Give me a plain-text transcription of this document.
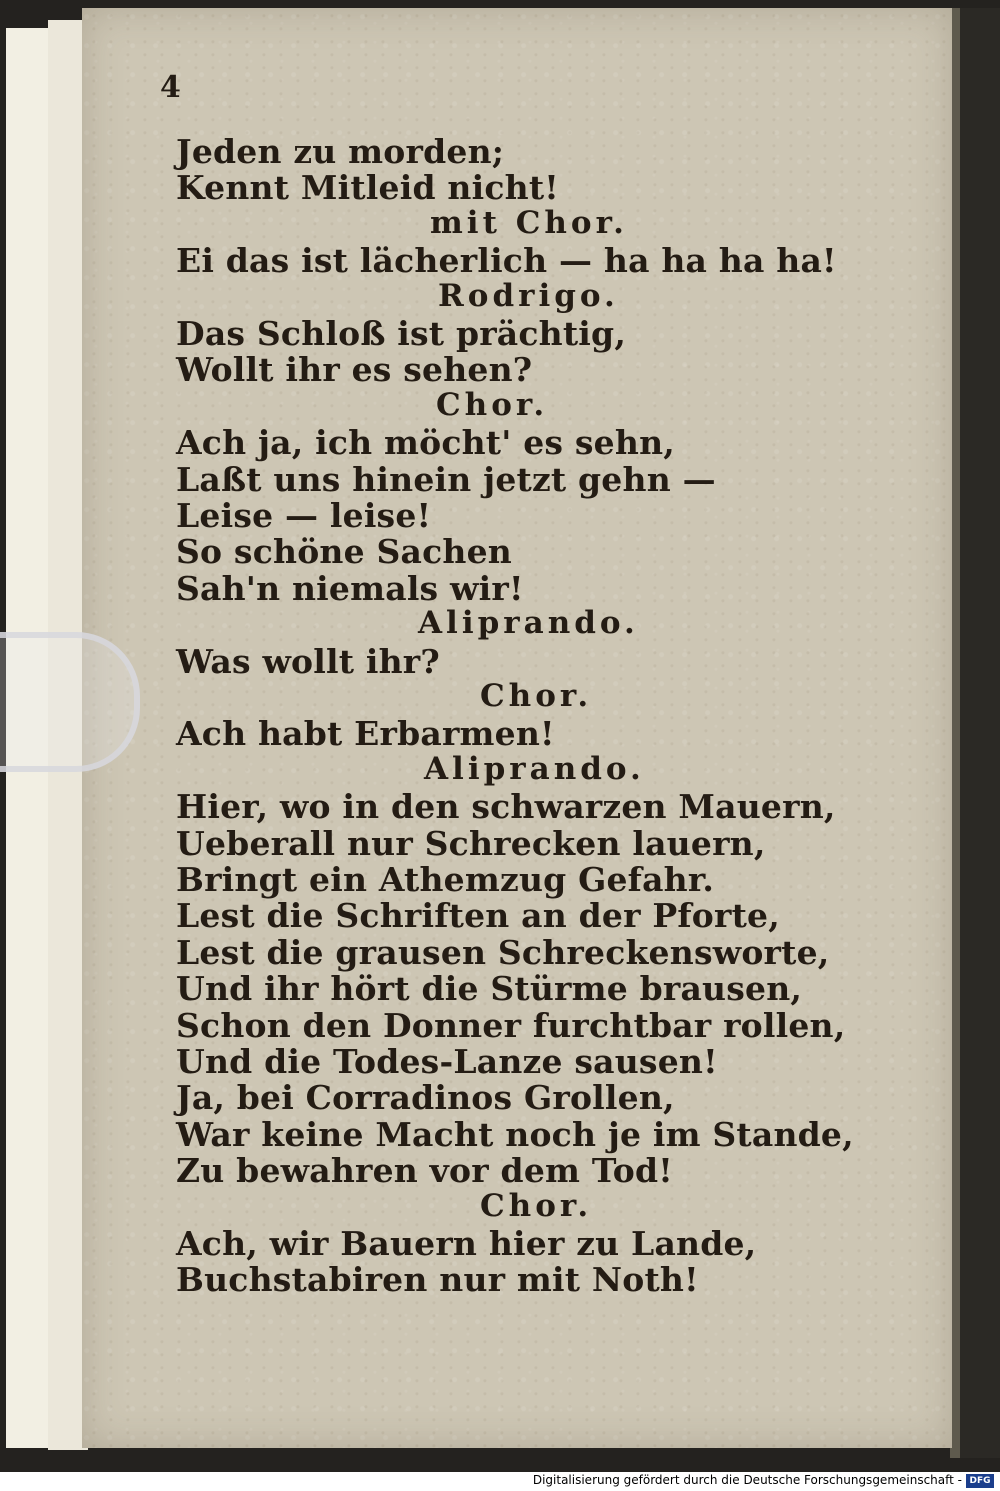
4
Jeden zu morden;
Kennt Mitleid nicht!
mit Chor.
Ei das ist lächerlich — ha ha ha ha!
Rodrigo.
Das Schloß ist prächtig,
Wollt ihr es sehen?
Chor.
Ach ja, ich möcht' es sehn,
Laßt uns hinein jetzt gehn —
Leise — leise!
So schöne Sachen
Sah'n niemals wir!
Aliprando.
Was wollt ihr?
Chor.
Ach habt Erbarmen!
Aliprando.
Hier, wo in den schwarzen Mauern,
Ueberall nur Schrecken lauern,
Bringt ein Athemzug Gefahr.
Lest die Schriften an der Pforte,
Lest die grausen Schreckensworte,
Und ihr hört die Stürme brausen,
Schon den Donner furchtbar rollen,
Und die Todes-Lanze sausen!
Ja, bei Corradinos Grollen,
War keine Macht noch je im Stande,
Zu bewahren vor dem Tod!
Chor.
Ach, wir Bauern hier zu Lande,
Buchstabiren nur mit Noth!
Digitalisierung gefördert durch die Deutsche Forschungsgemeinschaft - DFG
